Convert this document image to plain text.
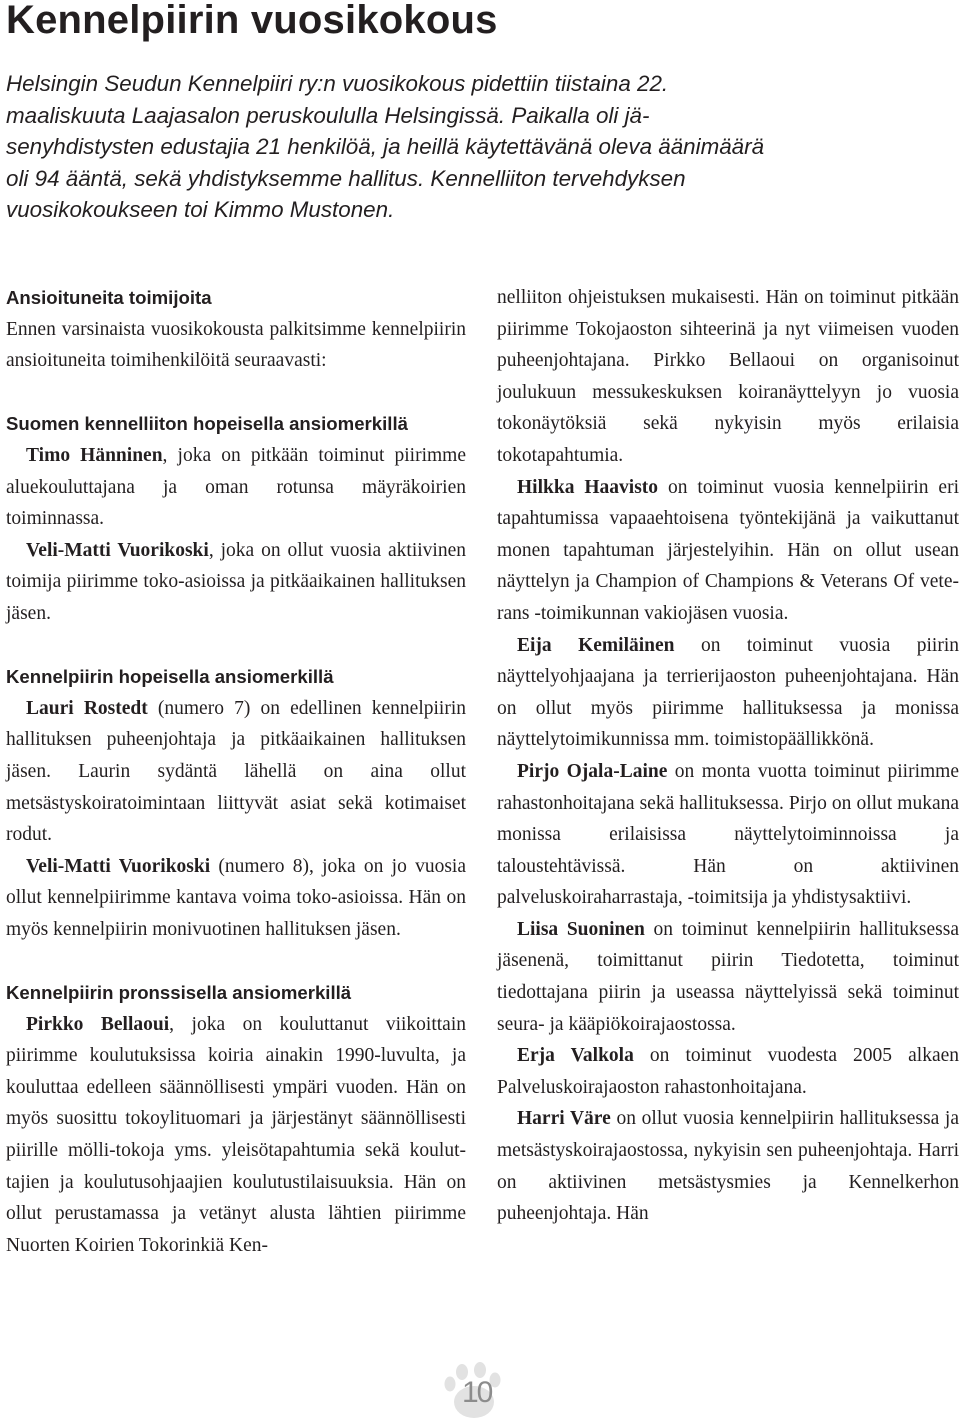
Kennelpiirin vuosikokous

Helsingin Seudun Kennelpiiri ry:n vuosikokous pidettiin tiistaina 22. maaliskuuta Laajasalon peruskoululla Helsingissä. Paikalla oli jäsenyhdistysten edustajia 21 henkilöä, ja heillä käytettävänä oleva äänimäärä oli 94 ääntä, sekä yhdistyksemme hallitus. Kennelliiton tervehdyksen vuosikokoukseen toi Kimmo Mustonen.

Ansioituneita toimijoita

Ennen varsinaista vuosikokousta palkitsimme kennelpiirin ansioituneita toimihenkilöitä seuraavasti:

Suomen kennelliiton hopeisella ansiomerkillä

Timo Hänninen, joka on pitkään toiminut piirimme aluekouluttajana ja oman rotunsa mäyräkoirien toiminnassa.

Veli-Matti Vuorikoski, joka on ollut vuosia aktiivinen toimija piirimme toko-asioissa ja pitkäaikainen hallituksen jäsen.

Kennelpiirin hopeisella ansiomerkillä

Lauri Rostedt (numero 7) on edellinen kennelpiirin hallituksen puheenjohtaja ja pitkäaikainen hallituksen jäsen. Laurin sydäntä lähellä on aina ollut metsästyskoiratoimintaan liittyvät asiat sekä kotimaiset rodut.

Veli-Matti Vuorikoski (numero 8), joka on jo vuosia ollut kennelpiirimme kantava voima toko-asioissa. Hän on myös kennelpiirin monivuotinen hallituksen jäsen.

Kennelpiirin pronssisella ansiomerkillä

Pirkko Bellaoui, joka on kouluttanut viikoittain piirimme koulutuksissa koiria ainakin 1990-luvulta, ja kouluttaa edelleen säännöllisesti ympäri vuoden. Hän on myös suosittu tokoylituomari ja järjestänyt säännöllisesti piirille mölli-tokoja yms. yleisötapahtumia sekä kouluttajien ja koulutusohjaajien koulutustilaisuuksia. Hän on ollut perustamassa ja vetänyt alusta lähtien piirimme Nuorten Koirien Tokorinkiä Ken-

nelliiton ohjeistuksen mukaisesti. Hän on toiminut pitkään piirimme Tokojaoston sihteerinä ja nyt viimeisen vuoden puheenjohtajana. Pirkko Bellaoui on organisoinut joulukuun messukeskuksen koiranäyttelyyn jo vuosia tokonäytöksiä sekä nykyisin myös erilaisia tokotapahtumia.

Hilkka Haavisto on toiminut vuosia kennelpiirin eri tapahtumissa vapaaehtoisena työntekijänä ja vaikuttanut monen tapahtuman järjestelyihin. Hän on ollut usean näyttelyn ja Champion of Champions & Veterans Of veterans -toimikunnan vakiojäsen vuosia.

Eija Kemiläinen on toiminut vuosia piirin näyttelyohjaajana ja terrierijaoston puheenjohtajana. Hän on ollut myös piirimme hallituksessa ja monissa näyttelytoimikunnissa mm. toimistopäällikkönä.

Pirjo Ojala-Laine on monta vuotta toiminut piirimme rahastonhoitajana sekä hallituksessa. Pirjo on ollut mukana monissa erilaisissa näyttelytoiminnoissa ja taloustehtävissä. Hän on aktiivinen palveluskoiraharrastaja, -toimitsija ja yhdistysaktiivi.

Liisa Suoninen on toiminut kennelpiirin hallituksessa jäsenenä, toimittanut piirin Tiedotetta, toiminut tiedottajana piirin ja useassa näyttelyissä sekä toiminut seura- ja kääpiökoirajaostossa.

Erja Valkola on toiminut vuodesta 2005 alkaen Palveluskoirajaoston rahastonhoitajana.

Harri Väre on ollut vuosia kennelpiirin hallituksessa ja metsästyskoirajaostossa, nykyisin sen puheenjohtaja. Harri on aktiivinen metsästysmies ja Kennelkerhon puheenjohtaja. Hän

10
